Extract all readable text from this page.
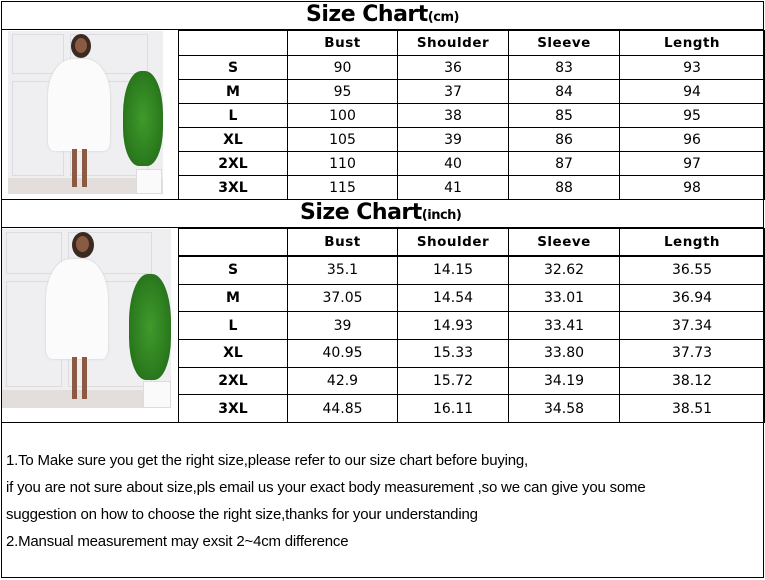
Size Chart(cm)
	Bust	Shoulder	Sleeve	Length
S	90	36	83	93
M	95	37	84	94
L	100	38	85	95
XL	105	39	86	96
2XL	110	40	87	97
3XL	115	41	88	98
Size Chart(inch)
	Bust	Shoulder	Sleeve	Length
S	35.1	14.15	32.62	36.55
M	37.05	14.54	33.01	36.94
L	39	14.93	33.41	37.34
XL	40.95	15.33	33.80	37.73
2XL	42.9	15.72	34.19	38.12
3XL	44.85	16.11	34.58	38.51
1.To Make sure you get the right size,please refer to our size chart before buying,
if you are not sure about size,pls email us your exact body measurement ,so we can give you some
suggestion on how to choose the right size,thanks for your understanding
2.Mansual measurement may exsit 2~4cm difference
